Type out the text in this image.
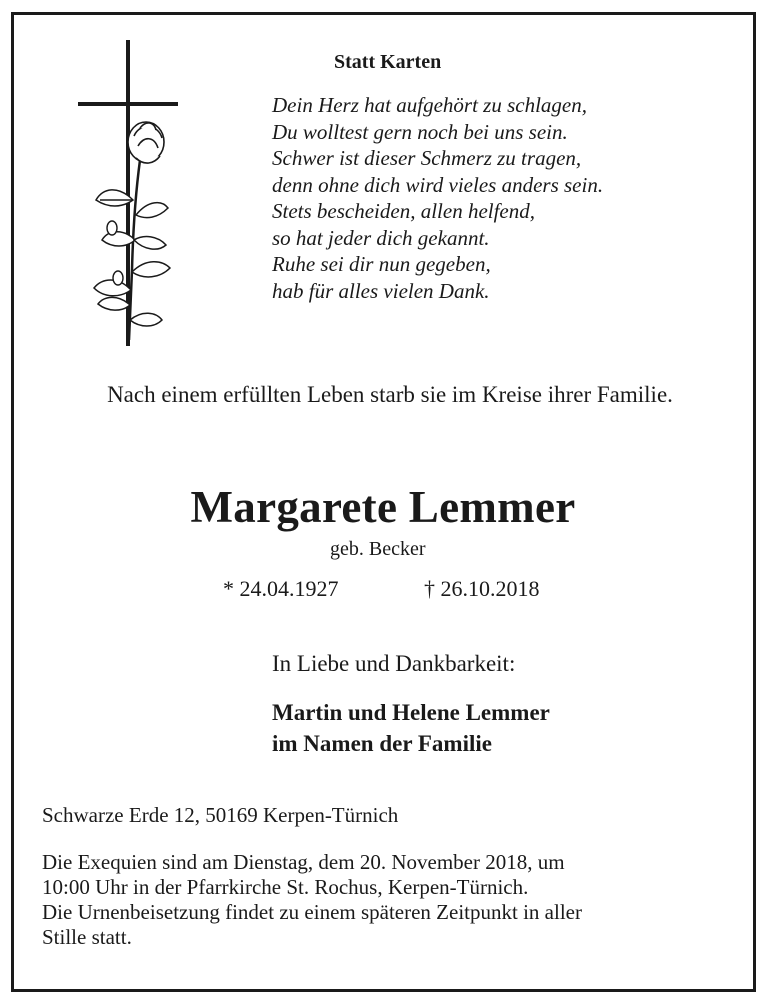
Statt Karten
Dein Herz hat aufgehört zu schlagen,
Du wolltest gern noch bei uns sein.
Schwer ist dieser Schmerz zu tragen,
denn ohne dich wird vieles anders sein.
Stets bescheiden, allen helfend,
so hat jeder dich gekannt.
Ruhe sei dir nun gegeben,
hab für alles vielen Dank.
Nach einem erfüllten Leben starb sie im Kreise ihrer Familie.
Margarete Lemmer
geb. Becker
* 24.04.1927	† 26.10.2018
In Liebe und Dankbarkeit:
Martin und Helene Lemmer
im Namen der Familie
Schwarze Erde 12, 50169 Kerpen-Türnich
Die Exequien sind am Dienstag, dem 20. November 2018, um
10:00 Uhr in der Pfarrkirche St. Rochus, Kerpen-Türnich.
Die Urnenbeisetzung findet zu einem späteren Zeitpunkt in aller
Stille statt.
